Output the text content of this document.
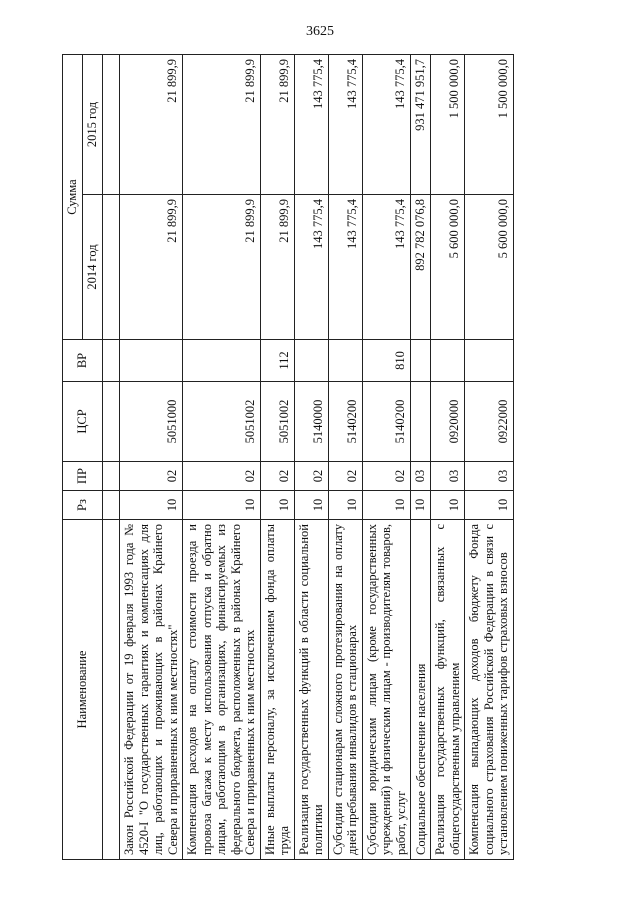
3625
Наименование	Рз	ПР	ЦСР	ВР	Сумма	
					2014 год	2015 год

Закон Российской Федерации от 19 февраля 1993 года № 4520-I "О государственных гарантиях и компенсациях для лиц, работающих и проживающих в районах Крайнего Севера и приравненных к ним местностях"	10	02	5051000		21 899,9	21 899,9
Компенсация расходов на оплату стоимости проезда и провоза багажа к месту использования отпуска и обратно лицам, работающим в организациях, финансируемых из федерального бюджета, расположенных в районах Крайнего Севера и приравненных к ним местностях	10	02	5051002		21 899,9	21 899,9
Иные выплаты персоналу, за исключением фонда оплаты труда	10	02	5051002	112	21 899,9	21 899,9
Реализация государственных функций в области социальной политики	10	02	5140000		143 775,4	143 775,4
Субсидии стационарам сложного протезирования на оплату дней пребывания инвалидов в стационарах	10	02	5140200		143 775,4	143 775,4
Субсидии юридическим лицам (кроме государственных учреждений) и физическим лицам - производителям товаров, работ, услуг	10	02	5140200	810	143 775,4	143 775,4
Социальное обеспечение населения	10	03			892 782 076,8	931 471 951,7
Реализация государственных функций, связанных с общегосударственным управлением	10	03	0920000		5 600 000,0	1 500 000,0
Компенсация выпадающих доходов бюджету Фонда социального страхования Российской Федерации в связи с установлением пониженных тарифов страховых взносов	10	03	0922000		5 600 000,0	1 500 000,0
